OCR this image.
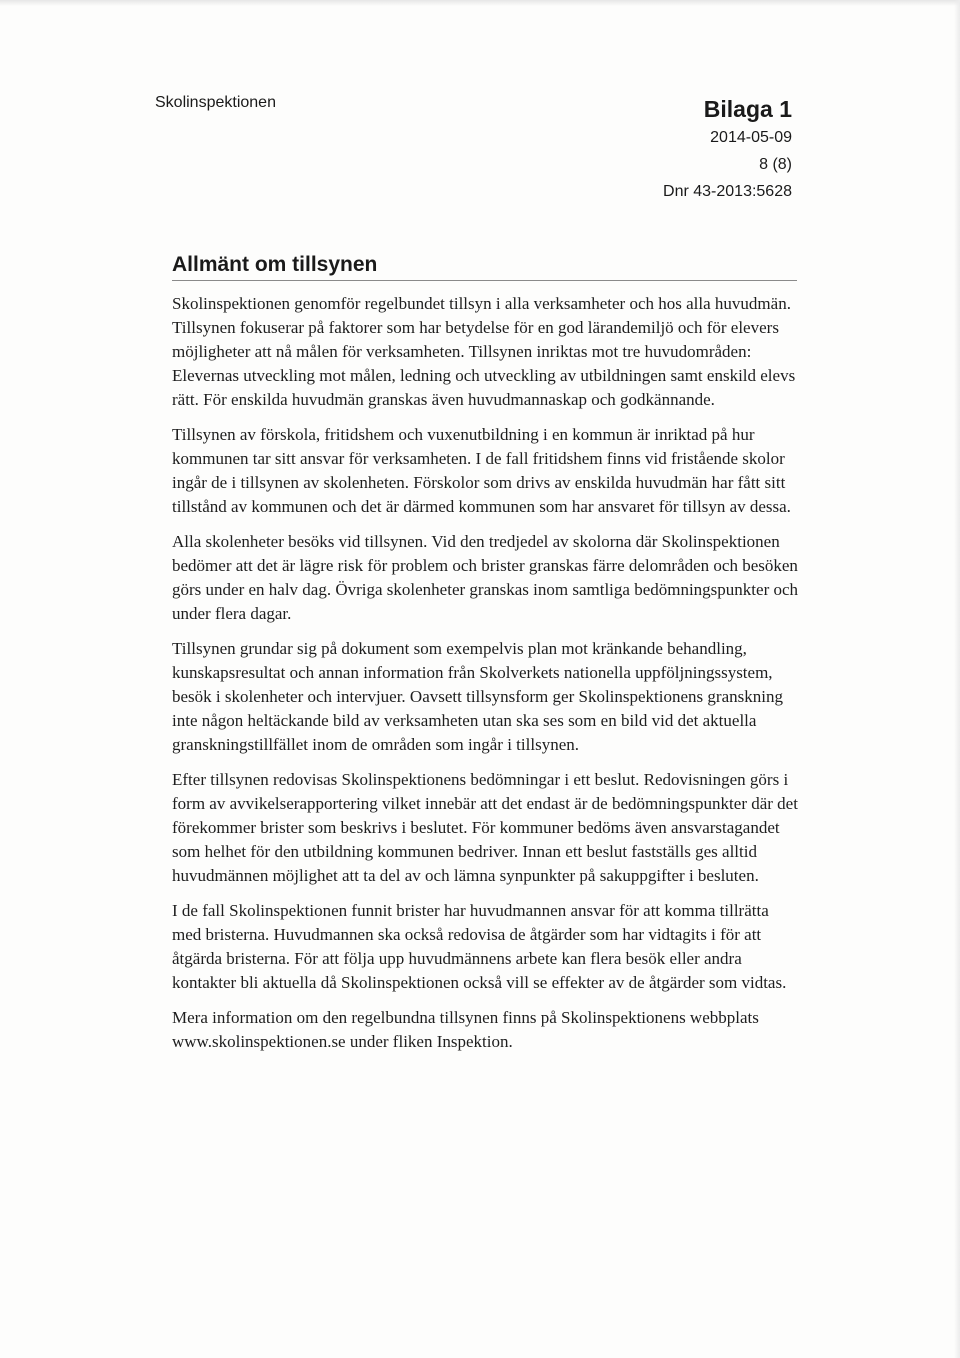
Skolinspektionen	Bilaga 1
2014-05-09
8 (8)
Dnr 43-2013:5628
Allmänt om tillsynen

Skolinspektionen genomför regelbundet tillsyn i alla verksamheter och hos alla huvudmän. Tillsynen fokuserar på faktorer som har betydelse för en god lärandemiljö och för elevers möjligheter att nå målen för verksamheten. Tillsynen inriktas mot tre huvudområden: Elevernas utveckling mot målen, ledning och utveckling av utbildningen samt enskild elevs rätt. För enskilda huvudmän granskas även huvudmannaskap och godkännande.

Tillsynen av förskola, fritidshem och vuxenutbildning i en kommun är inriktad på hur kommunen tar sitt ansvar för verksamheten. I de fall fritidshem finns vid fristående skolor ingår de i tillsynen av skolenheten. Förskolor som drivs av enskilda huvudmän har fått sitt tillstånd av kommunen och det är därmed kommunen som har ansvaret för tillsyn av dessa.

Alla skolenheter besöks vid tillsynen. Vid den tredjedel av skolorna där Skolinspektionen bedömer att det är lägre risk för problem och brister granskas färre delområden och besöken görs under en halv dag. Övriga skolenheter granskas inom samtliga bedömningspunkter och under flera dagar.

Tillsynen grundar sig på dokument som exempelvis plan mot kränkande behandling, kunskapsresultat och annan information från Skolverkets nationella uppföljningssystem, besök i skolenheter och intervjuer. Oavsett tillsynsform ger Skolinspektionens granskning inte någon heltäckande bild av verksamheten utan ska ses som en bild vid det aktuella granskningstillfället inom de områden som ingår i tillsynen.

Efter tillsynen redovisas Skolinspektionens bedömningar i ett beslut. Redovisningen görs i form av avvikelserapportering vilket innebär att det endast är de bedömningspunkter där det förekommer brister som beskrivs i beslutet. För kommuner bedöms även ansvarstagandet som helhet för den utbildning kommunen bedriver. Innan ett beslut fastställs ges alltid huvudmännen möjlighet att ta del av och lämna synpunkter på sakuppgifter i besluten.

I de fall Skolinspektionen funnit brister har huvudmannen ansvar för att komma tillrätta med bristerna. Huvudmannen ska också redovisa de åtgärder som har vidtagits i för att åtgärda bristerna. För att följa upp huvudmännens arbete kan flera besök eller andra kontakter bli aktuella då Skolinspektionen också vill se effekter av de åtgärder som vidtas.

Mera information om den regelbundna tillsynen finns på Skolinspektionens webbplats www.skolinspektionen.se under fliken Inspektion.
